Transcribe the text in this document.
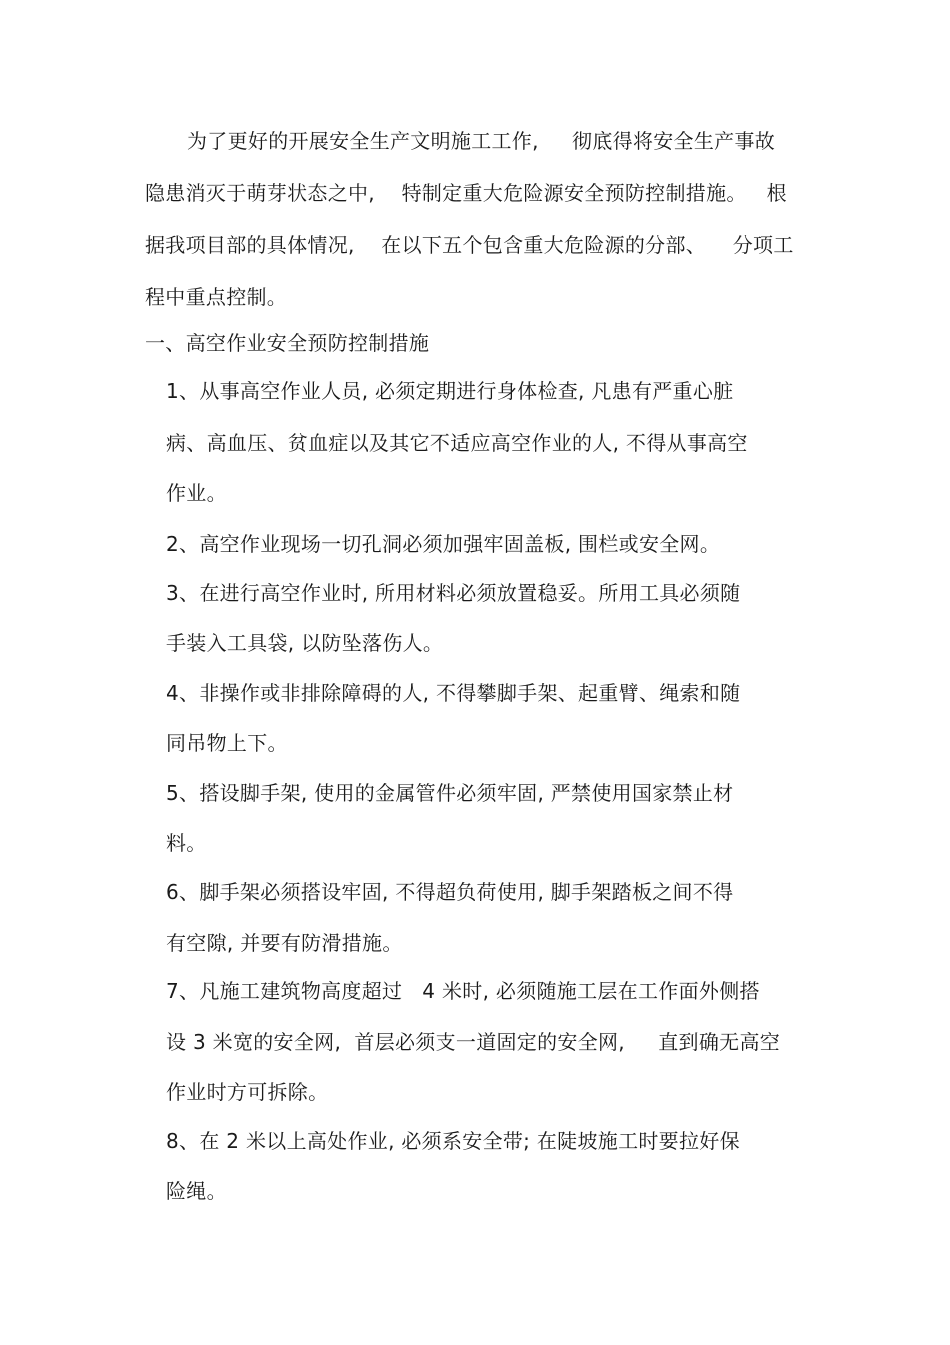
为了更好的开展安全生产文明施工工作,     彻底得将安全生产事故
隐患消灭于萌芽状态之中,    特制定重大危险源安全预防控制措施。   根
据我项目部的具体情况,    在以下五个包含重大危险源的分部、    分项工
程中重点控制。
一、高空作业安全预防控制措施
1、从事高空作业人员, 必须定期进行身体检查, 凡患有严重心脏
病、高血压、贫血症以及其它不适应高空作业的人, 不得从事高空
作业。
2、高空作业现场一切孔洞必须加强牢固盖板, 围栏或安全网。
3、在进行高空作业时, 所用材料必须放置稳妥。所用工具必须随
手装入工具袋, 以防坠落伤人。
4、非操作或非排除障碍的人, 不得攀脚手架、起重臂、绳索和随
同吊物上下。
5、搭设脚手架, 使用的金属管件必须牢固, 严禁使用国家禁止材
料。
6、脚手架必须搭设牢固, 不得超负荷使用, 脚手架踏板之间不得
有空隙, 并要有防滑措施。
7、凡施工建筑物高度超过   4 米时, 必须随施工层在工作面外侧搭
设 3 米宽的安全网,  首层必须支一道固定的安全网,     直到确无高空
作业时方可拆除。
8、在 2 米以上高处作业, 必须系安全带; 在陡坡施工时要拉好保
险绳。
